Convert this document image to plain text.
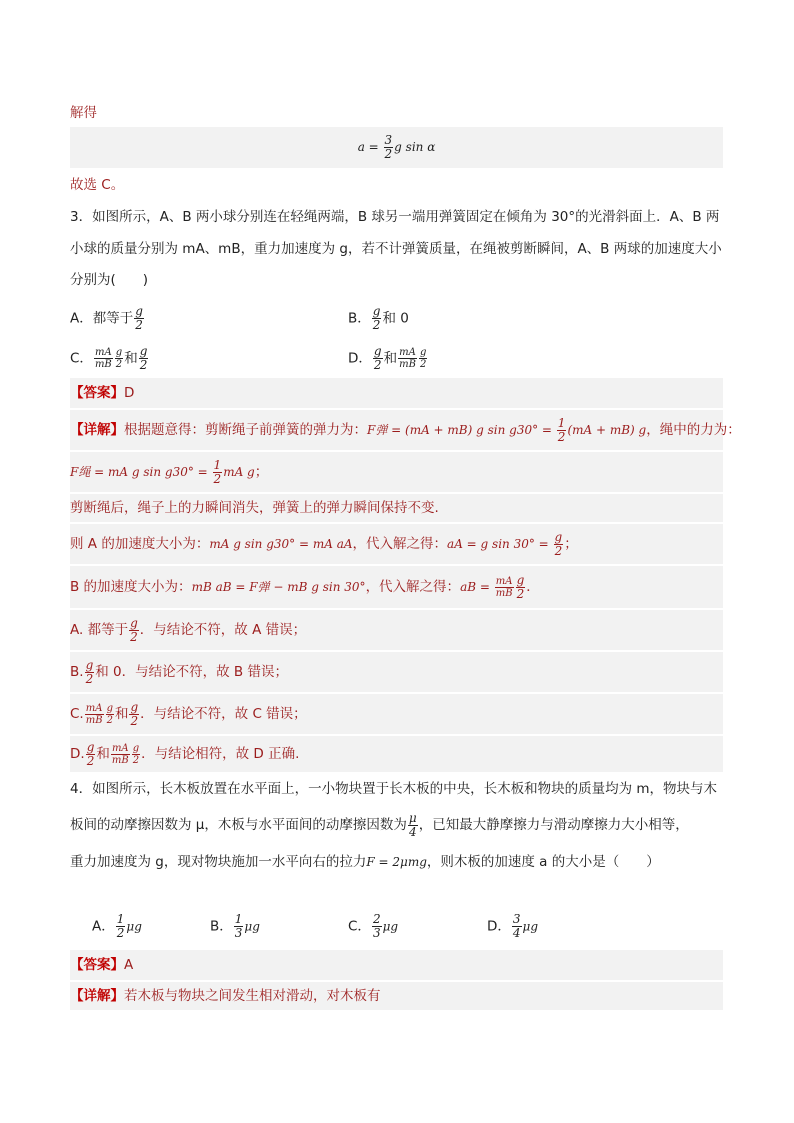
解得
$a = \frac{3}{2}$ g sin α
故选 C。
3．如图所示，A、B 两小球分别连在轻绳两端，B 球另一端用弹簧固定在倾角为 30°的光滑斜面上．A、B 两
小球的质量分别为 mA、mB，重力加速度为 g，若不计弹簧质量，在绳被剪断瞬间，A、B 两球的加速度大小
分别为(　　)
A．都等于 $\frac{g}{2}$	B． $\frac{g}{2}$ 和 0
C． $\frac{mA}{mB} \frac{g}{2}$ 和 $\frac{g}{2}$	D． $\frac{g}{2}$ 和 $\frac{mA}{mB} \frac{g}{2}$
【答案】D
【详解】根据题意得：剪断绳子前弹簧的弹力为：F弹 = (mA + mB) g $\sin g30^\circ = \frac{1}{2} (mA + mB)$ g，绳中的力为：
F绳 = mA g $\sin g30^\circ = \frac{1}{2}$ mA g；
剪断绳后，绳子上的力瞬间消失，弹簧上的弹力瞬间保持不变.
则 A 的加速度大小为：mA g sin g30° = mA aA，代入解之得：aA = g $\sin 30^\circ = \frac{g}{2}$ ；
B 的加速度大小为：mB aB = F弹 − mB g sin 30°，代入解之得：aB = $\frac{mA}{mB} \frac{g}{2}$ ．
A. 都等于 $\frac{g}{2}$ ．与结论不符，故 A 错误；
B. $\frac{g}{2}$ 和 0．与结论不符，故 B 错误；
C. $\frac{mA}{mB} \frac{g}{2}$ 和 $\frac{g}{2}$ ．与结论不符，故 C 错误；
D. $\frac{g}{2}$ 和 $\frac{mA}{mB} \frac{g}{2}$ ．与结论相符，故 D 正确.
4．如图所示，长木板放置在水平面上，一小物块置于长木板的中央，长木板和物块的质量均为 m，物块与木
板间的动摩擦因数为 μ，木板与水平面间的动摩擦因数为 $\frac{\mu}{4}$ ，已知最大静摩擦力与滑动摩擦力大小相等，
重力加速度为 g，现对物块施加一水平向右的拉力F = 2μmg，则木板的加速度 a 的大小是（　　）
A． $\frac{1}{2}$ μg	B． $\frac{1}{3}$ μg	C． $\frac{2}{3}$ μg	D． $\frac{3}{4}$ μg
【答案】A
【详解】若木板与物块之间发生相对滑动，对木板有
